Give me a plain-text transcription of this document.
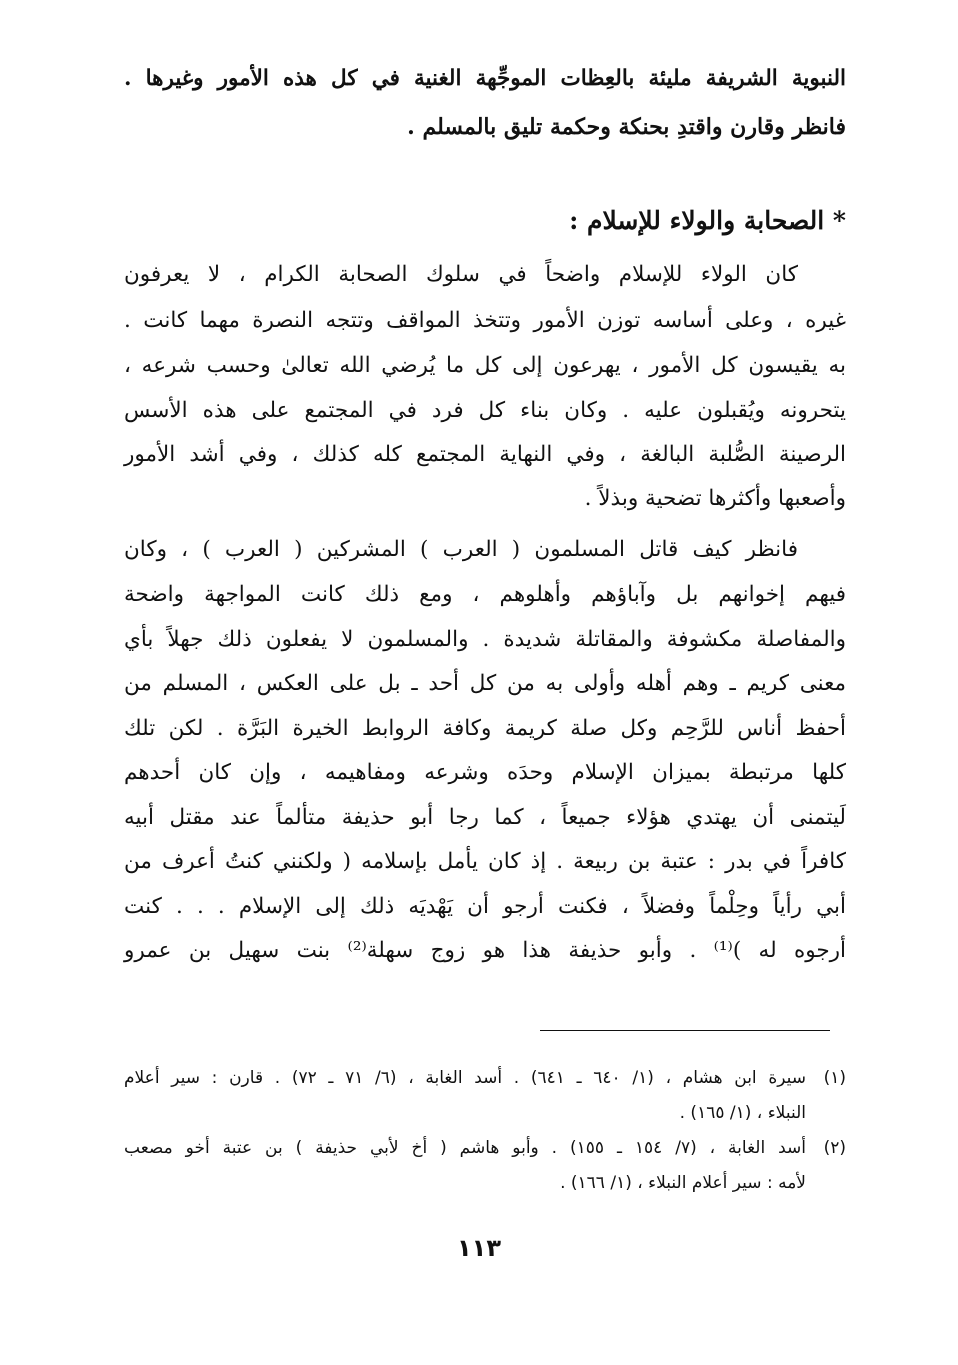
النبوية الشريفة مليئة بالعِظات الموجِّهة الغنية في كل هذه الأمور وغيرها .
فانظر وقارن واقتدِ بحنكة وحكمة تليق بالمسلم .
* الصحابة والولاء للإسلام :
كان الولاء للإسلام واضحاً في سلوك الصحابة الكرام ، لا يعرفون
غيره ، وعلى أساسه توزن الأمور وتتخذ المواقف وتتجه النصرة مهما كانت .
به يقيسون كل الأمور ، يهرعون إلى كل ما يُرضي الله تعالىٰ وحسب شرعه ،
يتحرونه ويُقبلون عليه . وكان بناء كل فرد في المجتمع على هذه الأسس
الرصينة الصُّلبة البالغة ، وفي النهاية المجتمع كله كذلك ، وفي أشد الأمور
وأصعبها وأكثرها تضحية وبذلاً .
فانظر كيف قاتل المسلمون ( العرب ) المشركين ( العرب ) ، وكان
فيهم إخوانهم بل وآباؤهم وأهلوهم ، ومع ذلك كانت المواجهة واضحة
والمفاصلة مكشوفة والمقاتلة شديدة . والمسلمون لا يفعلون ذلك جهلاً بأي
معنى كريم ـ وهم أهله وأولى به من كل أحد ـ بل على العكس ، المسلم من
أحفظ أناس للرَّحِم وكل صلة كريمة وكافة الروابط الخيرة البَرَّة . لكن تلك
كلها مرتبطة بميزان الإسلام وحدَه وشرعه ومفاهيمه ، وإن كان أحدهم
لَيتمنى أن يهتدي هؤلاء جميعاً ، كما رجا أبو حذيفة متألماً عند مقتل أبيه
كافراً في بدر : عتبة بن ربيعة . إذ كان يأمل بإسلامه ( ولكنني كنتُ أعرف من
أبي رأياً وحِلْماً وفضلاً ، فكنت أرجو أن يَهْديَه ذلك إلى الإسلام . . . كنت
أرجوه له )⁽¹⁾ . وأبو حذيفة هذا هو زوج سهلة⁽²⁾ بنت سهيل بن عمرو
(١)سيرة ابن هشام ، (١/ ٦٤٠ ـ ٦٤١) . أسد الغابة ، (٦/ ٧١ ـ ٧٢) . قارن : سير أعلام
النبلاء ، (١/ ١٦٥) .
(٢)أسد الغابة ، (٧/ ١٥٤ ـ ١٥٥) . وأبو هاشم ( أخ لأبي حذيفة ) بن عتبة أخو مصعب
لأمه : سير أعلام النبلاء ، (١/ ١٦٦) .
١١٣
